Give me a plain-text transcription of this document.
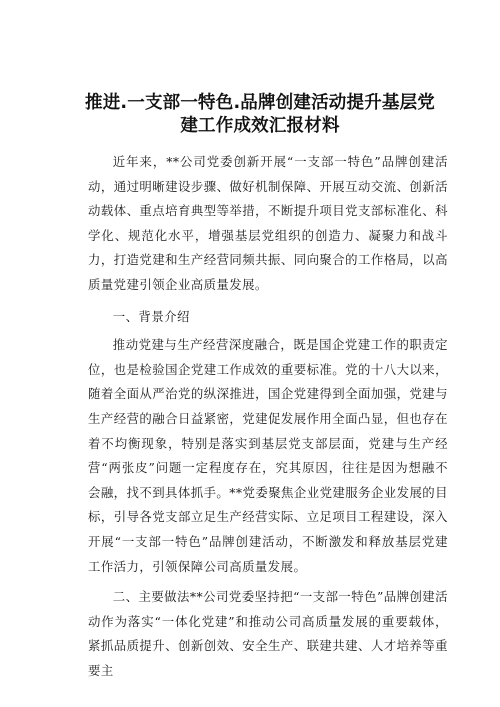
推进.一支部一特色.品牌创建活动提升基层党
建工作成效汇报材料

近年来，**公司党委创新开展“一支部一特色”品牌创建活动，通过明晰建设步骤、做好机制保障、开展互动交流、创新活动载体、重点培育典型等举措，不断提升项目党支部标准化、科学化、规范化水平，增强基层党组织的创造力、凝聚力和战斗力，打造党建和生产经营同频共振、同向聚合的工作格局，以高质量党建引领企业高质量发展。

一、背景介绍

推动党建与生产经营深度融合，既是国企党建工作的职责定位，也是检验国企党建工作成效的重要标准。党的十八大以来，随着全面从严治党的纵深推进，国企党建得到全面加强，党建与生产经营的融合日益紧密，党建促发展作用全面凸显，但也存在着不均衡现象，特别是落实到基层党支部层面，党建与生产经营“两张皮”问题一定程度存在，究其原因，往往是因为想融不会融，找不到具体抓手。**党委聚焦企业党建服务企业发展的目标，引导各党支部立足生产经营实际、立足项目工程建设，深入开展“一支部一特色”品牌创建活动，不断激发和释放基层党建工作活力，引领保障公司高质量发展。

二、主要做法**公司党委坚持把“一支部一特色”品牌创建活动作为落实“一体化党建”和推动公司高质量发展的重要载体，紧抓品质提升、创新创效、安全生产、联建共建、人才培养等重要主
